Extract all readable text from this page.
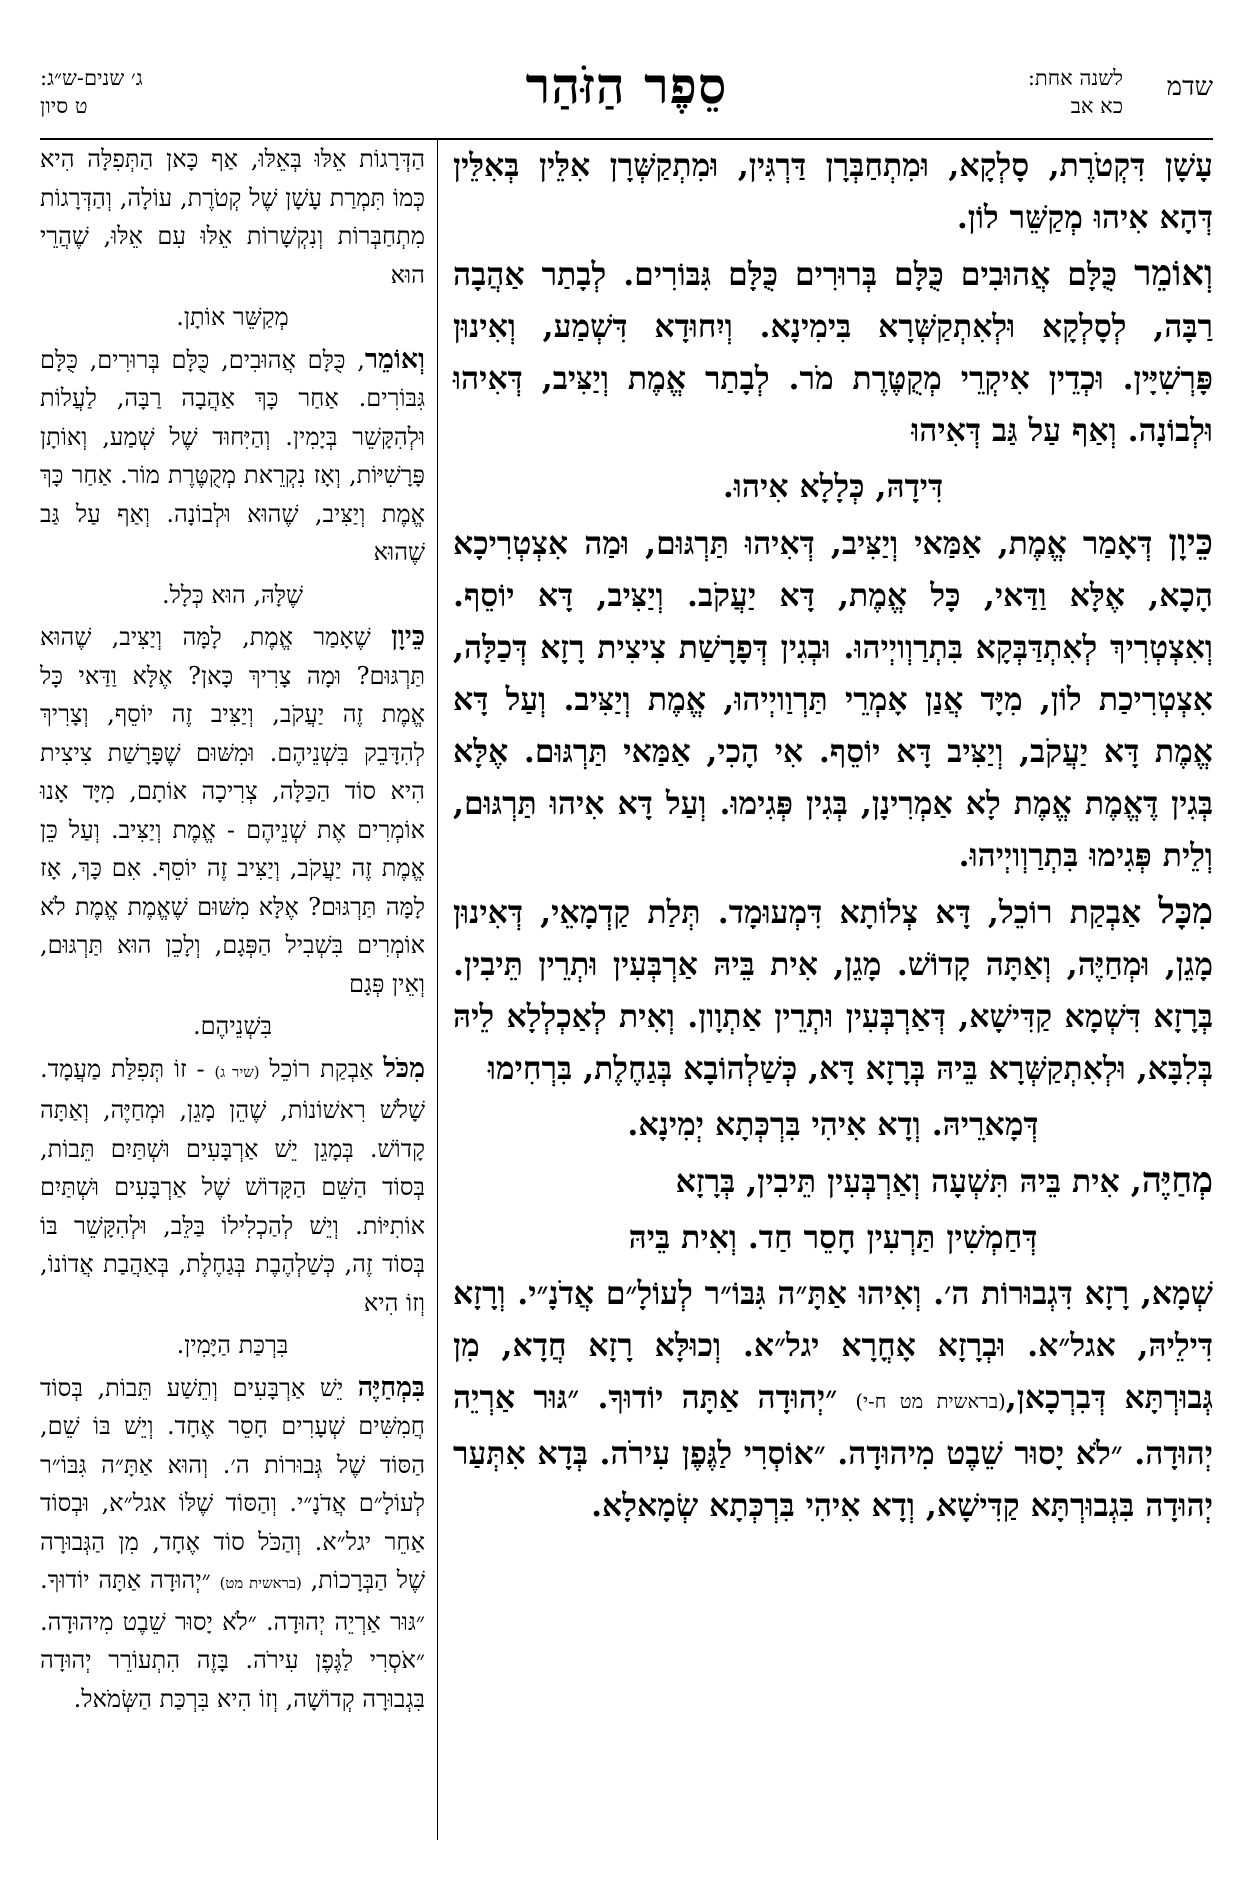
שדמ
לשנה אחת:
כא אב
סֵפֶר הַזֹּהַר
ג׳ שנים-ש״ג:
ט סיון
עָשָׁן דִּקְטֹרֶת, סָלְקָא, וּמִתְחַבְּרָן דַּרְגִּין, וּמִתְקַשְּׁרָן אִלֵּין בְּאִלֵּין דְּהָא אִיהוּ מְקַשֵּׁר לוֹן.
וְאוֹמֵר כֻּלָּם אֲהוּבִים כֻּלָּם בְּרוּרִים כֻּלָּם גִּבּוֹרִים. לְבָתַר אַהֲבָה רַבָּה, לְסָלְקָא וּלְאִתְקַשְּׁרָא בִּימִינָא. וְיִחוּדָא דִּשְׁמַע, וְאִינוּן פָּרְשִׁיָּין. וּכְדֵין אִיקְרֵי מְקֻטֶּרֶת מֹר. לְבָתַר אֱמֶת וְיַצִּיב, דְּאִיהוּ וּלְבוֹנָה. וְאַף עַל גַּב דְּאִיהוּ
דִּידָהּ, כְּלָלָא אִיהוּ.
כֵּיוָן דְּאָמַר אֱמֶת, אַמַּאי וְיַצִּיב, דְּאִיהוּ תַּרְגּוּם, וּמַה אִצְטְרִיכָא הָכָא, אֶלָּא וַדַּאי, כָּל אֱמֶת, דָּא יַעֲקֹב. וְיַצִּיב, דָּא יוֹסֵף. וְאִצְטְרִיךְ לְאִתְדַּבְּקָא בִּתְרַוְויְיהוּ. וּבְגִין דְּפָרָשַׁת צִיצִית רָזָא דְּכַלָּה, אִצְטְרִיכַת לוֹן, מִיָּד אֲנַן אָמְרֵי תַּרְוַויְיהוּ, אֱמֶת וְיַצִּיב. וְעַל דָּא אֱמֶת דָּא יַעֲקֹב, וְיַצִּיב דָּא יוֹסֵף. אִי הָכִי, אַמַּאי תַּרְגּוּם. אֶלָּא בְּגִין דֶּאֱמֶת אֱמֶת לָא אַמְרִינָן, בְּגִין פְּגִימוּ. וְעַל דָּא אִיהוּ תַּרְגּוּם, וְלֵית פְּגִימוּ בִּתְרַוְויְיהוּ.
מִכָּל אַבְקַת רוֹכֵל, דָּא צְלוֹתָא דִּמְעוּמָד. תְּלַת קַדְמָאֵי, דְּאִינוּן מָגֵן, וּמְחַיֶּה, וְאַתָּה קָדוֹשׁ. מָגֵן, אִית בֵּיהּ אַרְבְּעִין וּתְרֵין תֵּיבִין. בְּרָזָא דִּשְׁמָא קַדִּישָׁא, דְּאַרְבְּעִין וּתְרֵין אַתְוָון. וְאִית לְאַכְלְלָא לֵיהּ בְּלִבָּא, וּלְאִתְקַשְּׁרָא בֵּיהּ בְּרָזָא דָּא, כְּשַׁלְהוֹבָא בְּגַחֶלֶת, בִּרְחִימוּ
דְּמָארֵיהּ. וְדָא אִיהִי בִּרְכְּתָא יְמִינָא.
מְחַיֶּה, אִית בֵּיהּ תִּשְׁעָה וְאַרְבְּעִין תֵּיבִין, בְּרָזָא
דְּחַמְשִׁין תַּרְעִין חָסֵר חַד. וְאִית בֵּיהּ
שְׁמָא, רָזָא דִּגְבוּרוֹת ה׳. וְאִיהוּ אַתָּ״ה גִּבּוֹ״ר לְעוֹלָ״ם אֲדֹנָ״י. וְרָזָא דִּילֵיהּ, אגל״א. וּבְרָזָא אָחֳרָא יגל״א. וְכוּלָּא רָזָא חֲדָא, מִן גְּבוּרְתָּא דְּבִרְכָאן,(בראשית מט ח-י) ״יְהוּדָה אַתָּה יוֹדוּךָ. ״גּוּר אַרְיֵה יְהוּדָה. ״לֹא יָסוּר שֵׁבֶט מִיהוּדָה. ״אוֹסְרִי לַגֶּפֶן עִירֹה. בְּדָא אִתְּעַר יְהוּדָה בִּגְבוּרְתָּא קַדִּישָׁא, וְדָא אִיהִי בִּרְכְּתָא שְׂמָאלָא.
הַדְּרָגוֹת אֵלּוּ בְּאֵלּוּ, אַף כָּאן הַתְּפִלָּה הִיא כְּמוֹ תִּמְרַת עָשָׁן שֶׁל קְטֹרֶת, עוֹלָה, וְהַדְּרָגוֹת מִתְחַבְּרוֹת וְנִקְשָׁרוֹת אֵלּוּ עִם אֵלּוּ, שֶׁהֲרֵי הוּא
מְקַשֵּׁר אוֹתָן.
וְאוֹמֵר, כֻּלָּם אֲהוּבִים, כֻּלָּם בְּרוּרִים, כֻּלָּם גִּבּוֹרִים. אַחַר כָּךְ אַהֲבָה רַבָּה, לַעֲלוֹת וּלְהִקָּשֵׁר בְּיָמִין. וְהַיִּחוּד שֶׁל שְׁמַע, וְאוֹתָן פָּרָשִׁיּוֹת, וְאָז נִקְרֵאת מְקֻטֶּרֶת מוֹר. אַחַר כָּךְ אֱמֶת וְיַצִּיב, שֶׁהוּא וּלְבוֹנָה. וְאַף עַל גַּב שֶׁהוּא
שֶׁלָּהּ, הוּא כְּלָל.
כֵּיוָן שֶׁאָמַר אֱמֶת, לָמָּה וְיַצִּיב, שֶׁהוּא תַּרְגּוּם? וּמָה צָרִיךְ כָּאן? אֶלָּא וַדַּאי כָּל אֱמֶת זֶה יַעֲקֹב, וְיַצִּיב זֶה יוֹסֵף, וְצָרִיךְ לְהִדָּבֵק בִּשְׁנֵיהֶם. וּמִשּׁוּם שֶׁפָּרָשַׁת צִיצִית הִיא סוֹד הַכַּלָּה, צְרִיכָה אוֹתָם, מִיָּד אָנוּ אוֹמְרִים אֶת שְׁנֵיהֶם - אֱמֶת וְיַצִּיב. וְעַל כֵּן אֱמֶת זֶה יַעֲקֹב, וְיַצִּיב זֶה יוֹסֵף. אִם כָּךְ, אָז לָמָּה תַּרְגּוּם? אֶלָּא מִשּׁוּם שֶׁאֱמֶת אֱמֶת לֹא אוֹמְרִים בִּשְׁבִיל הַפְּגָם, וְלָכֵן הוּא תַּרְגּוּם, וְאֵין פְּגָם
בִּשְׁנֵיהֶם.
מִכֹּל אַבְקַת רוֹכֵל (שיר ג) - זוֹ תְּפִלַּת מַעֲמָד. שָׁלֹשׁ רִאשׁוֹנוֹת, שֶׁהֵן מָגֵן, וּמְחַיֶּה, וְאַתָּה קָדוֹשׁ. בְּמָגֵן יֵשׁ אַרְבָּעִים וּשְׁתַּיִם תֵּבוֹת, בְּסוֹד הַשֵּׁם הַקָּדוֹשׁ שֶׁל אַרְבָּעִים וּשְׁתַּיִם אוֹתִיּוֹת. וְיֵשׁ לְהַכְלִילוֹ בַּלֵּב, וּלְהִקָּשֵׁר בּוֹ בְּסוֹד זֶה, כְּשַׁלְהֶבֶת בְּגַחֶלֶת, בְּאַהֲבַת אֲדוֹנוֹ, וְזוֹ הִיא
בִּרְכַּת הַיָּמִין.
בִּמְחַיֶּה יֵשׁ אַרְבָּעִים וְתֵשַׁע תֵּבוֹת, בְּסוֹד חֲמִשִּׁים שְׁעָרִים חָסֵר אֶחָד. וְיֵשׁ בּוֹ שֵׁם, הַסּוֹד שֶׁל גְּבוּרוֹת ה׳. וְהוּא אַתָּ״ה גִּבּוֹ״ר לְעוֹלָ״ם אֲדֹנָ״י. וְהַסּוֹד שֶׁלּוֹ אגל״א, וּבְסוֹד אַחֵר יגל״א. וְהַכֹּל סוֹד אֶחָד, מִן הַגְּבוּרָה שֶׁל הַבְּרָכוֹת, (בראשית מט) ״יְהוּדָה אַתָּה יוֹדוּךָ. ״גּוּר אַרְיֵה יְהוּדָה. ״לֹא יָסוּר שֵׁבֶט מִיהוּדָה. ״אֹסְרִי לַגֶּפֶן עִירֹה. בָּזֶה הִתְעוֹרֵר יְהוּדָה בִּגְבוּרָה קְדוֹשָׁה, וְזוֹ הִיא בִּרְכַּת הַשְּׂמֹאל.
